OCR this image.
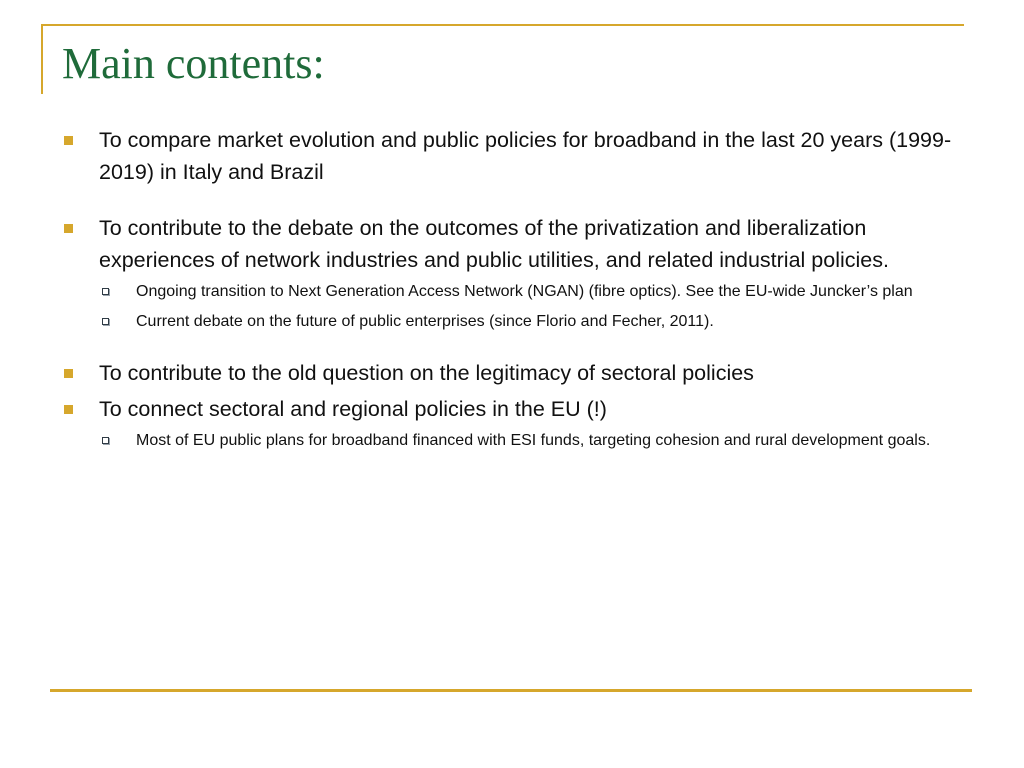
Main contents:
To compare market evolution and public policies for broadband in the last 20 years (1999-2019) in Italy and Brazil
To contribute to the debate on the outcomes of the privatization and liberalization experiences of network industries and public utilities, and related industrial policies.
Ongoing transition to Next Generation Access Network (NGAN) (fibre optics). See the EU-wide Juncker’s plan
Current debate on the future of public enterprises (since Florio and Fecher, 2011).
To contribute to the old question on the legitimacy of sectoral policies
To connect sectoral and regional policies in the EU (!)
Most of EU public plans for broadband financed with ESI funds, targeting cohesion and rural development goals.
